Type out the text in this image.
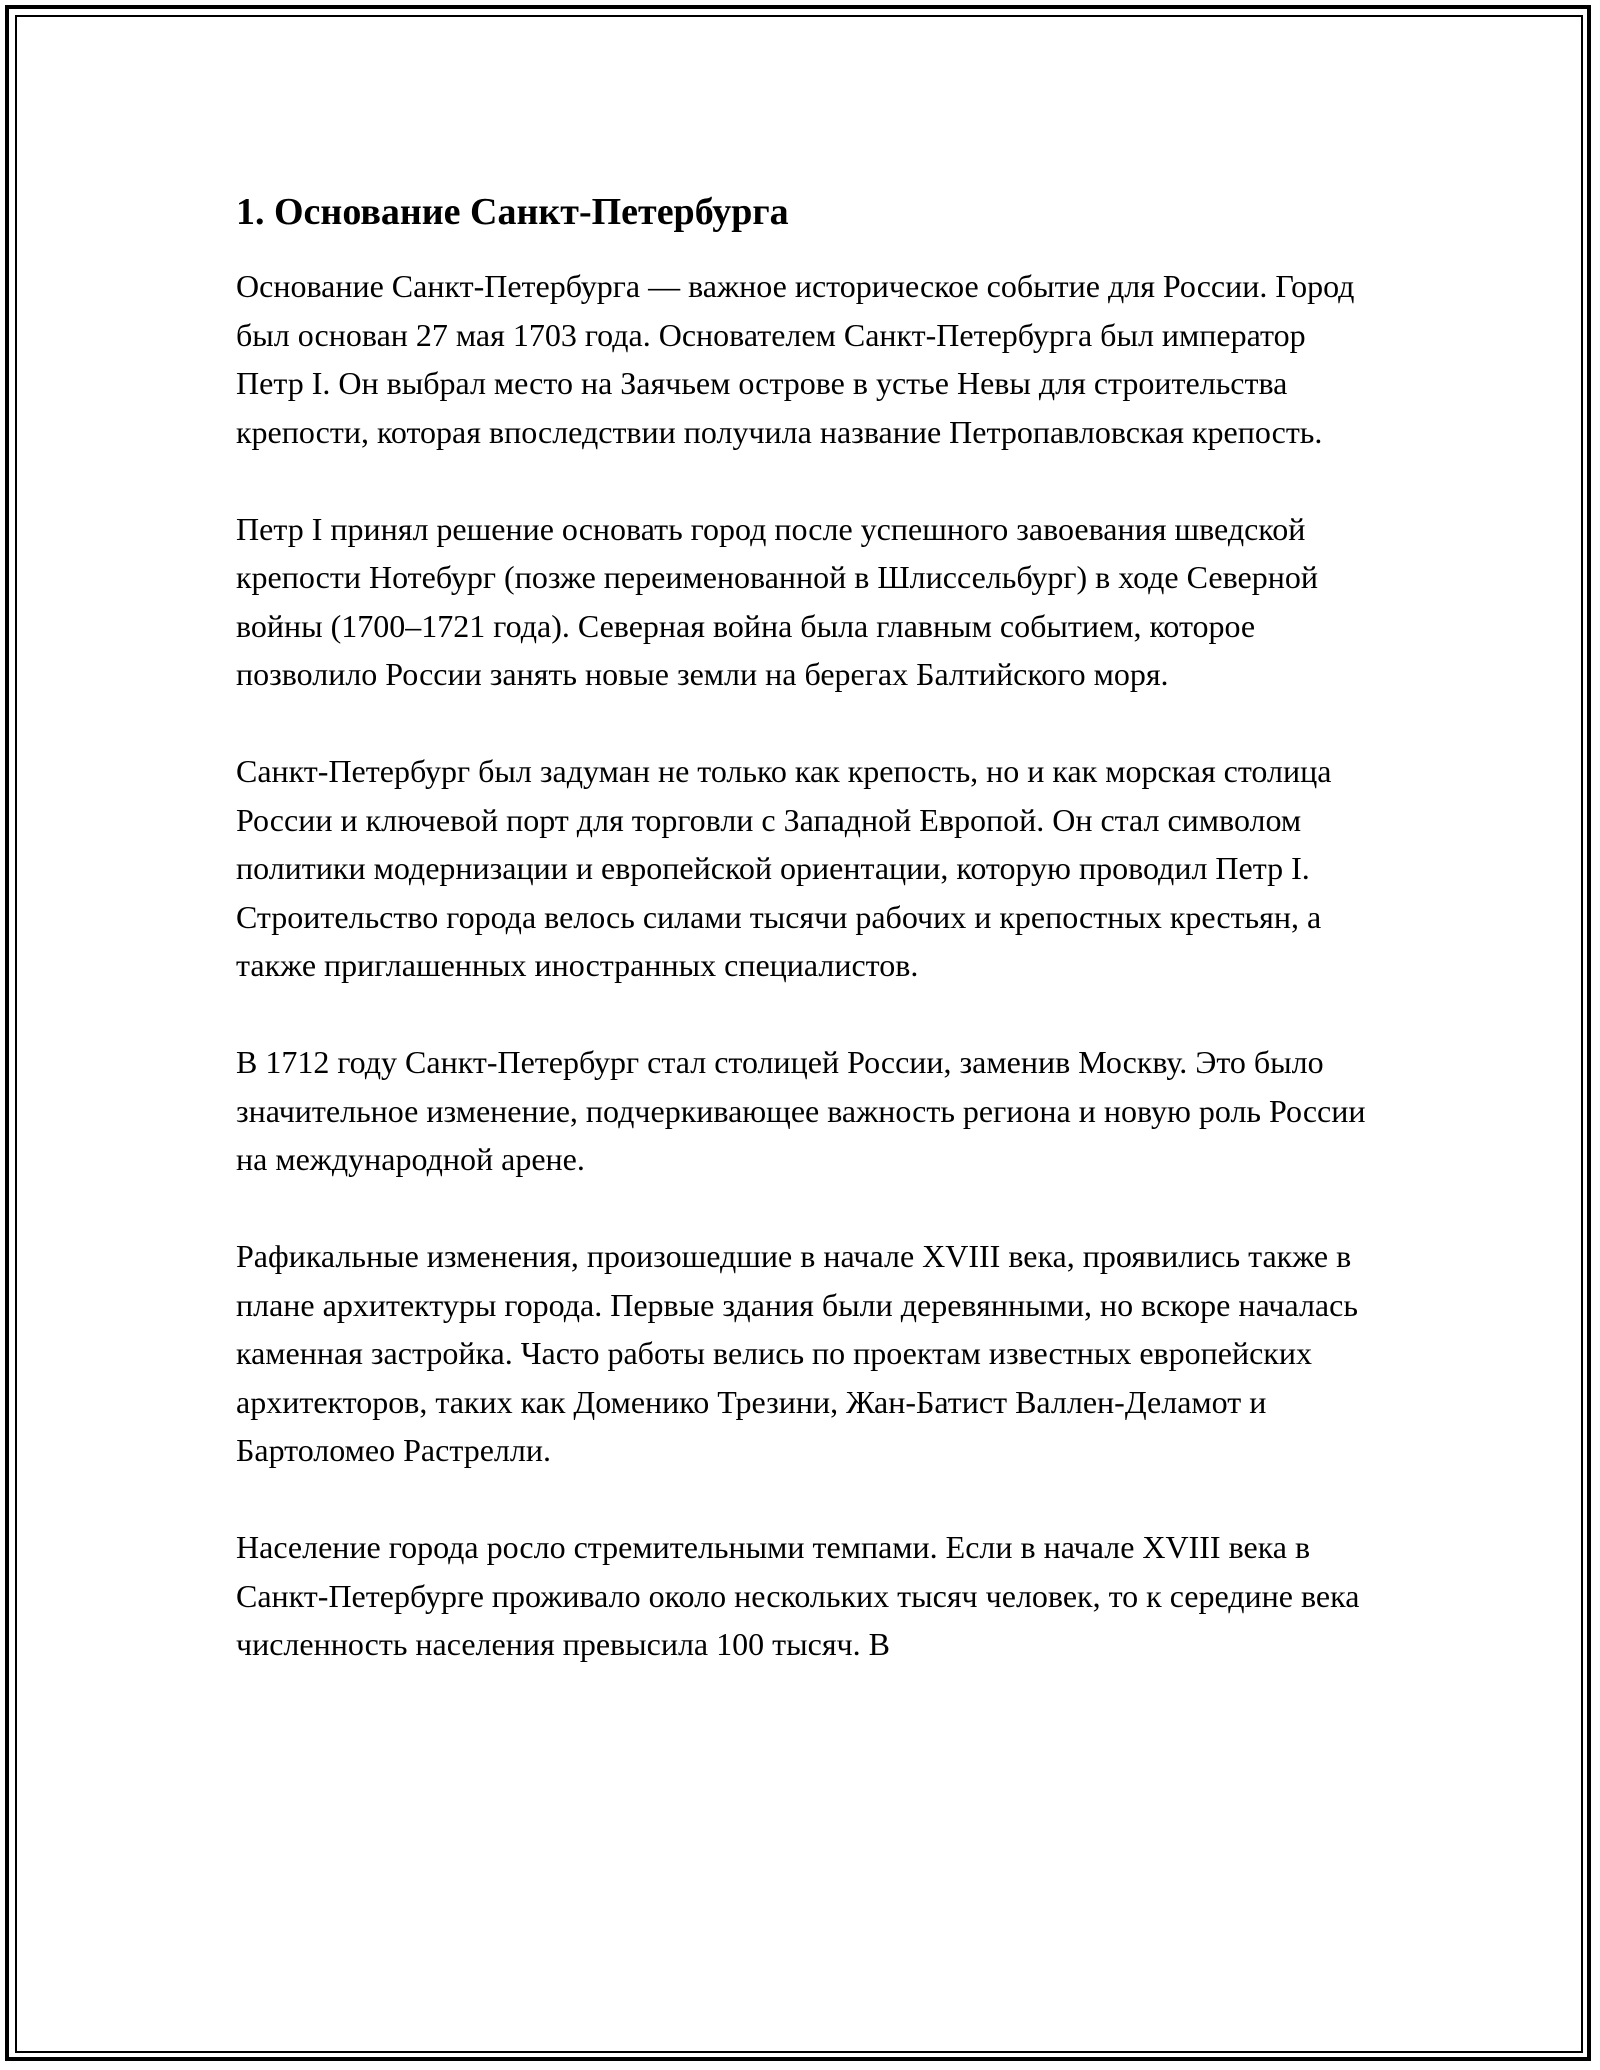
1. Основание Санкт-Петербурга

Основание Санкт-Петербурга — важное историческое событие для России. Город был основан 27 мая 1703 года. Основателем Санкт-Петербурга был император Петр I. Он выбрал место на Заячьем острове в устье Невы для строительства крепости, которая впоследствии получила название Петропавловская крепость.

Петр I принял решение основать город после успешного завоевания шведской крепости Нотебург (позже переименованной в Шлиссельбург) в ходе Северной войны (1700–1721 года). Северная война была главным событием, которое позволило России занять новые земли на берегах Балтийского моря.

Санкт-Петербург был задуман не только как крепость, но и как морская столица России и ключевой порт для торговли с Западной Европой. Он стал символом политики модернизации и европейской ориентации, которую проводил Петр I. Строительство города велось силами тысячи рабочих и крепостных крестьян, а также приглашенных иностранных специалистов.

В 1712 году Санкт-Петербург стал столицей России, заменив Москву. Это было значительное изменение, подчеркивающее важность региона и новую роль России на международной арене.

Рафикальные изменения, произошедшие в начале XVIII века, проявились также в плане архитектуры города. Первые здания были деревянными, но вскоре началась каменная застройка. Часто работы велись по проектам известных европейских архитекторов, таких как Доменико Трезини, Жан-Батист Валлен-Деламот и Бартоломео Растрелли.

Население города росло стремительными темпами. Если в начале XVIII века в Санкт-Петербурге проживало около нескольких тысяч человек, то к середине века численность населения превысила 100 тысяч. В
